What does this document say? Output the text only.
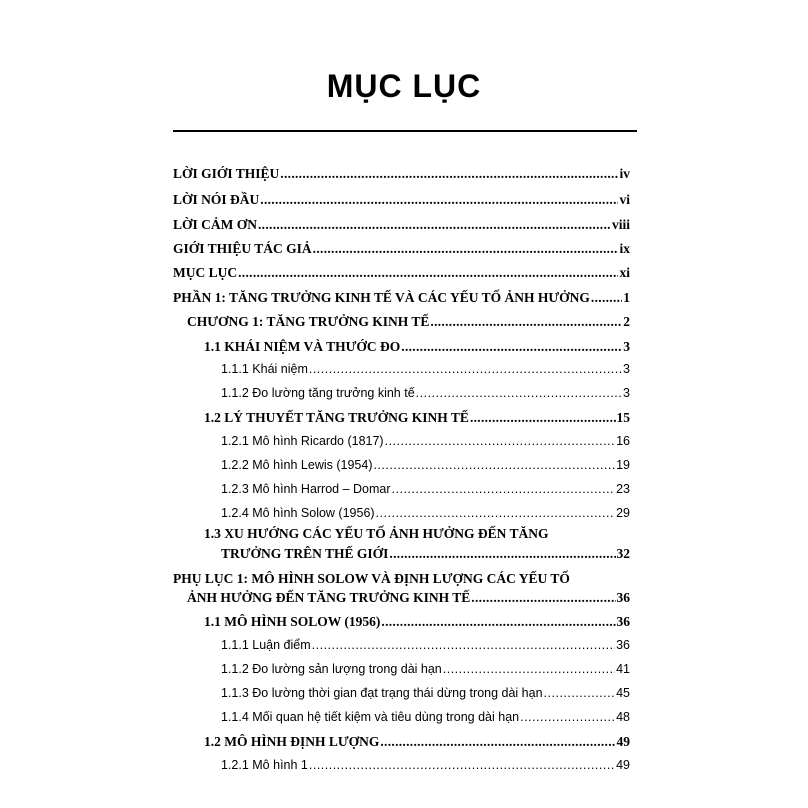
MỤC LỤC
LỜI GIỚI THIỆU .....	iv
LỜI NÓI ĐẦU .....	vi
LỜI CẢM ƠN .....	viii
GIỚI THIỆU TÁC GIẢ .....	ix
MỤC LỤC .....	xi
PHẦN 1: TĂNG TRƯỞNG KINH TẾ VÀ CÁC YẾU TỐ ẢNH HƯỞNG ..... 1
CHƯƠNG 1: TĂNG TRƯỞNG KINH TẾ .....	2
1.1 KHÁI NIỆM VÀ THƯỚC ĐO .....	3
1.1.1 Khái niệm .....	3
1.1.2 Đo lường tăng trưởng kinh tế .....	3
1.2 LÝ THUYẾT TĂNG TRƯỞNG KINH TẾ .....	15
1.2.1 Mô hình Ricardo (1817) .....	16
1.2.2 Mô hình Lewis (1954) .....	19
1.2.3 Mô hình Harrod – Domar .....	23
1.2.4 Mô hình Solow (1956) .....	29
1.3 XU HƯỚNG CÁC YẾU TỐ ẢNH HƯỞNG ĐẾN TĂNG
TRƯỞNG TRÊN THẾ GIỚI .....	32
PHỤ LỤC 1: MÔ HÌNH SOLOW VÀ ĐỊNH LƯỢNG CÁC YẾU TỐ
ẢNH HƯỞNG ĐẾN TĂNG TRƯỞNG KINH TẾ .....	36
1.1 MÔ HÌNH SOLOW (1956) .....	36
1.1.1 Luận điểm .....	36
1.1.2 Đo lường sản lượng trong dài hạn .....	41
1.1.3 Đo lường thời gian đạt trạng thái dừng trong dài hạn .....	45
1.1.4 Mối quan hệ tiết kiệm và tiêu dùng trong dài hạn .....	48
1.2 MÔ HÌNH ĐỊNH LƯỢNG .....	49
1.2.1 Mô hình 1 .....	49
